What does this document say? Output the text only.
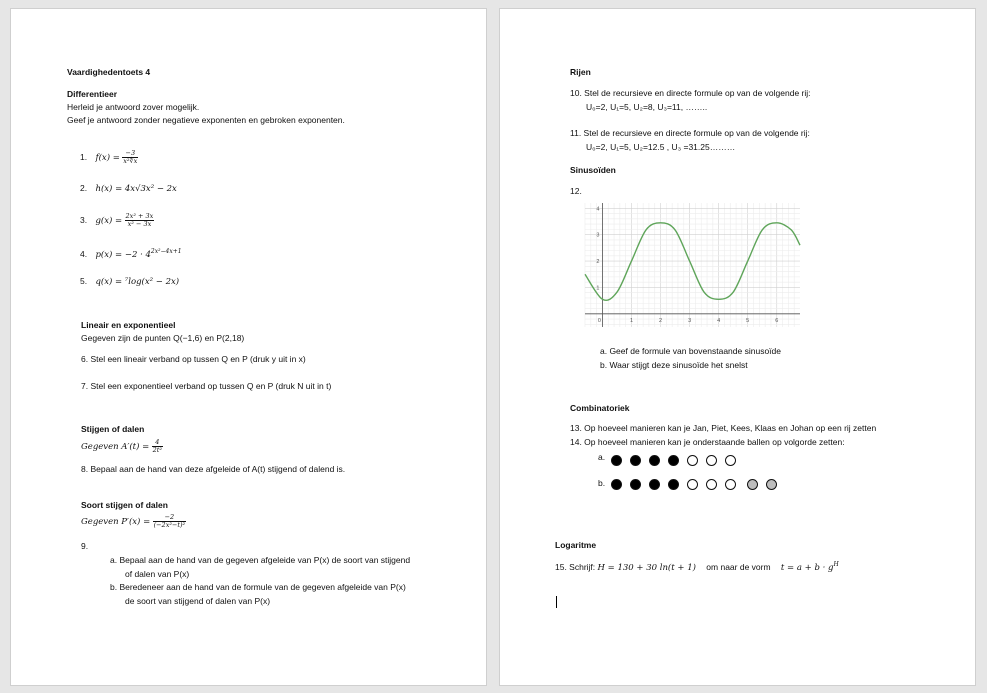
Vaardighedentoets 4
Differentieer
Herleid je antwoord zover mogelijk.
Geef je antwoord zonder negatieve exponenten en gebroken exponenten.
1. $f(x) = \frac{-3}{\text{x²∜x}}$
2. h(x) = 4x√3x² − 2x
3. $g(x) = \frac{\text{2x² + 3x}}{\text{x² − 3x}}$
4. $p(x) = -2 \cdot 4^{2x^2-4x+1}$
5. q(x) = ⁷log(x² − 2x)
Lineair en exponentieel
Gegeven zijn de punten Q(−1,6) en P(2,18)
6. Stel een lineair verband op tussen Q en P (druk y uit in x)
7. Stel een exponentieel verband op tussen Q en P (druk N uit in t)
Stijgen of dalen
Gegeven $A'(t) = \frac{4}{\text{2t²}}$
8. Bepaal aan de hand van deze afgeleide of A(t) stijgend of dalend is.
Soort stijgen of dalen
Gegeven $P'(x) = \frac{-2}{\text{(−2x²−t)²}}$
9.
a. Bepaal aan de hand van de gegeven afgeleide van P(x) de soort van stijgend
of dalen van P(x)
b. Beredeneer aan de hand van de formule van de gegeven afgeleide van P(x)
de soort van stijgend of dalen van P(x)
Rijen
10. Stel de recursieve en directe formule op van de volgende rij:
U₀=2, U₁=5, U₂=8, U₃=11, ……..
11. Stel de recursieve en directe formule op van de volgende rij:
U₀=2, U₁=5, U₂=12.5 , U₃ =31.25………
Sinusoïden
12.
0	1	2	3	4	5	6
1
2
3
4
a. Geef de formule van bovenstaande sinusoïde
b. Waar stijgt deze sinusoïde het snelst
Combinatoriek
13. Op hoeveel manieren kan je Jan, Piet, Kees, Klaas en Johan op een rij zetten
14. Op hoeveel manieren kan je onderstaande ballen op volgorde zetten:
a.
b.
Logaritme
15. Schrijf: H = 130 + 30 ln(t + 1) om naar de vorm $t = a + b \cdot g^H$
